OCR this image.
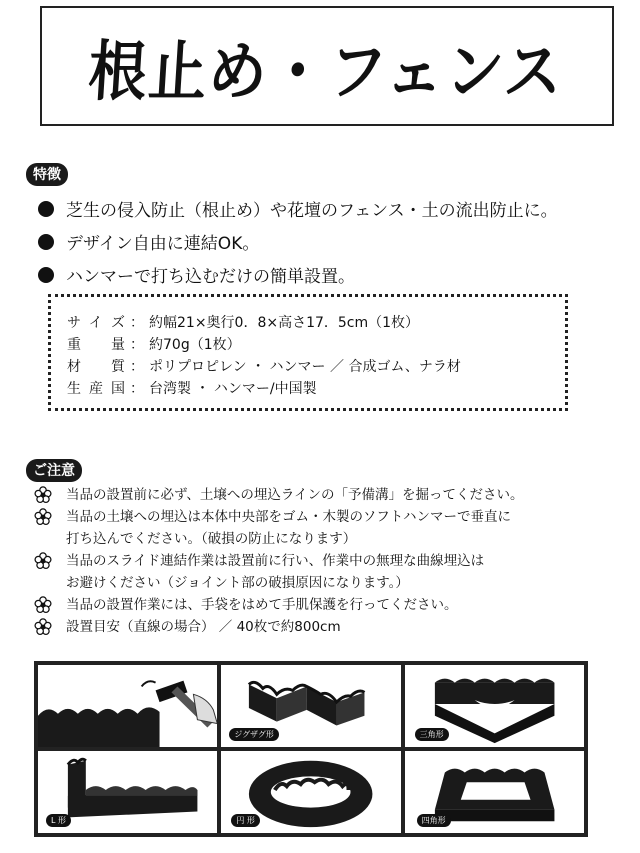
根止め・フェンス
特徴
芝生の侵入防止（根止め）や花壇のフェンス・土の流出防止に。
デザイン自由に連結OK。
ハンマーで打ち込むだけの簡単設置。
サイズ ： 約幅21×奥行0．8×高さ17．5cm（1枚）
重　量 ： 約70g（1枚）
材　質 ： ポリプロピレン ・ ハンマー ／ 合成ゴム、ナラ材
生産国 ： 台湾製 ・ ハンマー/中国製
ご注意
当品の設置前に必ず、土壌への埋込ラインの「予備溝」を掘ってください。
当品の土壌への埋込は本体中央部をゴム・木製のソフトハンマーで垂直に
打ち込んでください。（破損の防止になります）
当品のスライド連結作業は設置前に行い、作業中の無理な曲線埋込は
お避けください（ジョイント部の破損原因になります。）
当品の設置作業には、手袋をはめて手肌保護を行ってください。
設置目安（直線の場合） ／ 40枚で約800cm
ジグザグ形	三角形
L 形	円 形	四角形
